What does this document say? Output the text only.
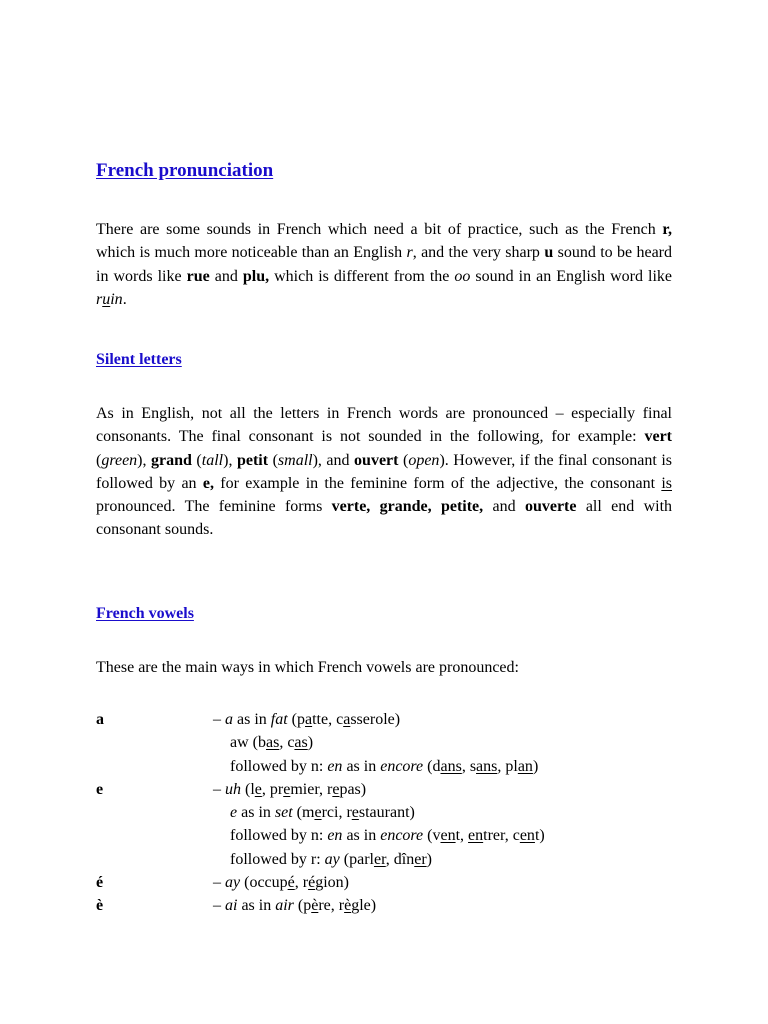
French pronunciation

There are some sounds in French which need a bit of practice, such as the French r, which is much more noticeable than an English r, and the very sharp u sound to be heard in words like rue and plu, which is different from the oo sound in an English word like ruin.

Silent letters

As in English, not all the letters in French words are pronounced – especially final consonants. The final consonant is not sounded in the following, for example: vert (green), grand (tall), petit (small), and ouvert (open). However, if the final consonant is followed by an e, for example in the feminine form of the adjective, the consonant is pronounced. The feminine forms verte, grande, petite, and ouverte all end with consonant sounds.

French vowels

These are the main ways in which French vowels are pronounced:

a	– a as in fat (patte, casserole)
aw (bas, cas)
followed by n: en as in encore (dans, sans, plan)
e	– uh (le, premier, repas)
e as in set (merci, restaurant)
followed by n: en as in encore (vent, entrer, cent)
followed by r: ay (parler, dîner)
é	– ay (occupé, région)
è	– ai as in air (père, règle)
